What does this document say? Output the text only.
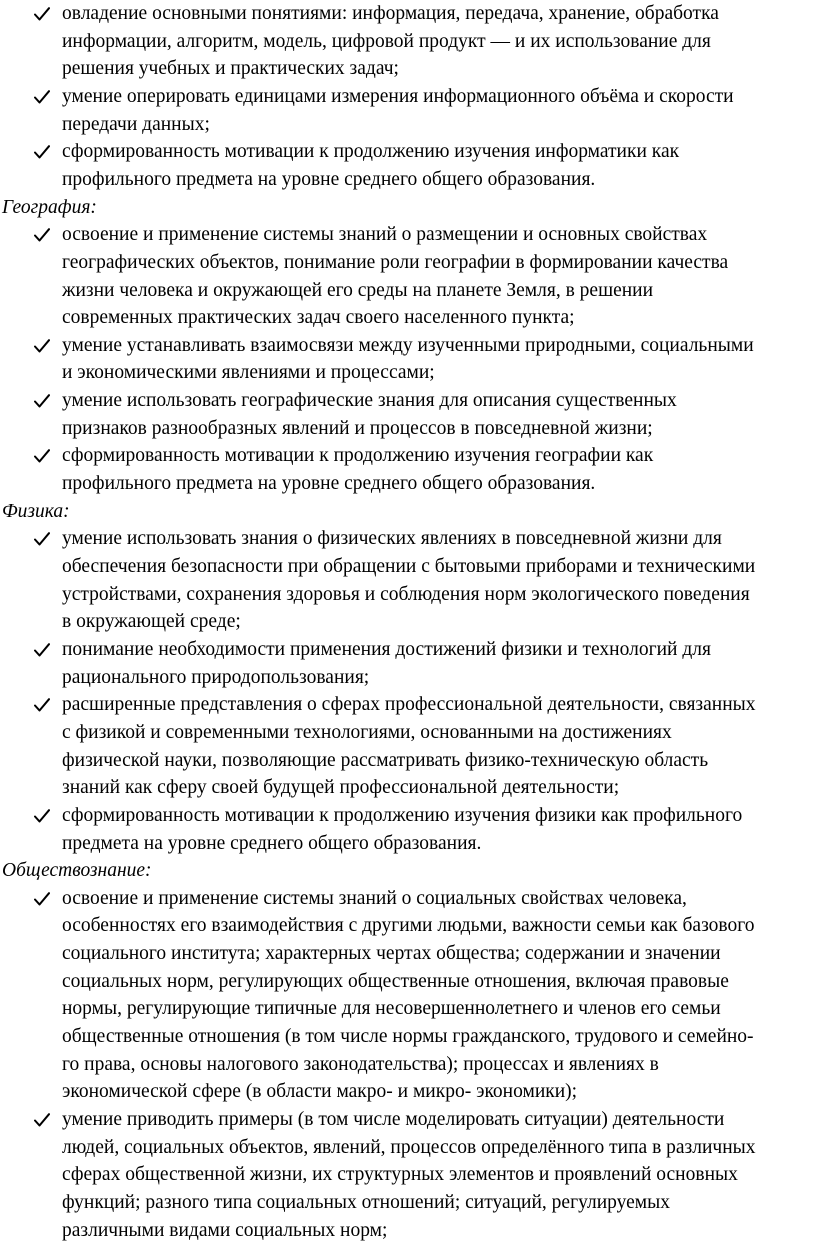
овладение основными понятиями: информация, передача, хранение, обработка
информации, алгоритм, модель, цифровой продукт — и их использование для
решения учебных и практических задач;
умение оперировать единицами измерения информационного объёма и скорости
передачи данных;
сформированность мотивации к продолжению изучения информатики как
профильного предмета на уровне среднего общего образования.
География:
освоение и применение системы знаний о размещении и основных свойствах
географических объектов, понимание роли географии в формировании качества
жизни человека и окружающей его среды на планете Земля, в решении
современных практических задач своего населенного пункта;
умение устанавливать взаимосвязи между изученными природными, социальными
и экономическими явлениями и процессами;
умение использовать географические знания для описания существенных
признаков разнообразных явлений и процессов в повседневной жизни;
сформированность мотивации к продолжению изучения географии как
профильного предмета на уровне среднего общего образования.
Физика:
умение использовать знания о физических явлениях в повседневной жизни для
обеспечения безопасности при обращении с бытовыми приборами и техническими
устройствами, сохранения здоровья и соблюдения норм экологического поведения
в окружающей среде;
понимание необходимости применения достижений физики и технологий для
рационального природопользования;
расширенные представления о сферах профессиональной деятельности, связанных
с физикой и современными технологиями, основанными на достижениях
физической науки, позволяющие рассматривать физико-техническую область
знаний как сферу своей будущей профессиональной деятельности;
сформированность мотивации к продолжению изучения физики как профильного
предмета на уровне среднего общего образования.
Обществознание:
освоение и применение системы знаний о социальных свойствах человека,
особенностях его взаимодействия с другими людьми, важности семьи как базового
социального института; характерных чертах общества; содержании и значении
социальных норм, регулирующих общественные отношения, включая правовые
нормы, регулирующие типичные для несовершеннолетнего и членов его семьи
общественные отношения (в том числе нормы гражданского, трудового и семейно-
го права, основы налогового законодательства); процессах и явлениях в
экономической сфере (в области макро- и микро- экономики);
умение приводить примеры (в том числе моделировать ситуации) деятельности
людей, социальных объектов, явлений, процессов определённого типа в различных
сферах общественной жизни, их структурных элементов и проявлений основных
функций; разного типа социальных отношений; ситуаций, регулируемых
различными видами социальных норм;
